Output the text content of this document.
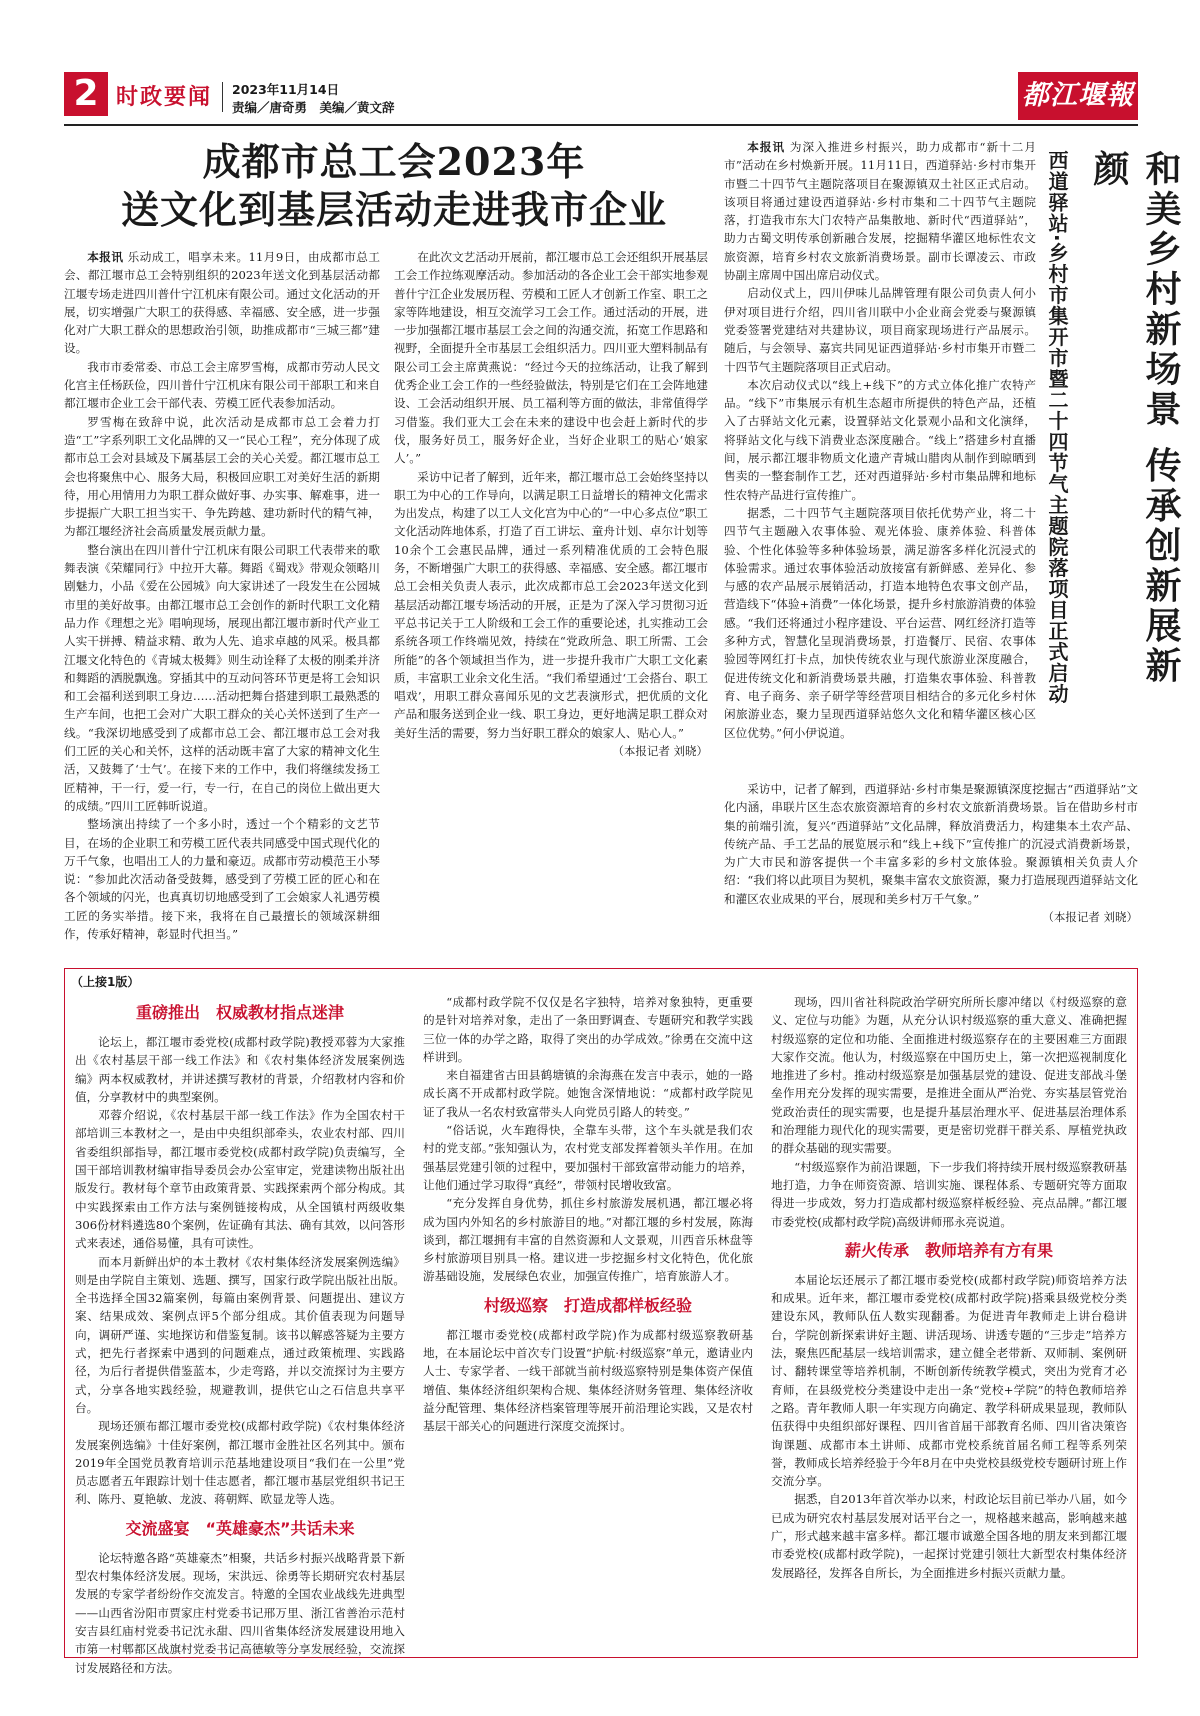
2 时政要闻 2023年11月14日
责编／唐奇勇　美编／黄文辞	都江堰報
成都市总工会2023年
送文化到基层活动走进我市企业

本报讯 乐动成工，唱享未来。11月9日，由成都市总工会、都江堰市总工会特别组织的2023年送文化到基层活动都江堰专场走进四川普什宁江机床有限公司。通过文化活动的开展，切实增强广大职工的获得感、幸福感、安全感，进一步强化对广大职工群众的思想政治引领，助推成都市“三城三都”建设。

我市市委常委、市总工会主席罗雪梅，成都市劳动人民文化宫主任杨跃俭，四川普什宁江机床有限公司干部职工和来自都江堰市企业工会干部代表、劳模工匠代表参加活动。

罗雪梅在致辞中说，此次活动是成都市总工会着力打造“工”字系列职工文化品牌的又一“民心工程”，充分体现了成都市总工会对县域及下属基层工会的关心关爱。都江堰市总工会也将聚焦中心、服务大局，积极回应职工对美好生活的新期待，用心用情用力为职工群众做好事、办实事、解难事，进一步提振广大职工担当实干、争先跨越、建功新时代的精气神，为都江堰经济社会高质量发展贡献力量。

整台演出在四川普什宁江机床有限公司职工代表带来的歌舞表演《荣耀同行》中拉开大幕。舞蹈《蜀戏》带观众领略川剧魅力，小品《爱在公园城》向大家讲述了一段发生在公园城市里的美好故事。由都江堰市总工会创作的新时代职工文化精品力作《理想之光》唱响现场，展现出都江堰市新时代产业工人实干拼搏、精益求精、敢为人先、追求卓越的风采。极具都江堰文化特色的《青城太极舞》则生动诠释了太极的刚柔并济和舞蹈的洒脱飘逸。穿插其中的互动问答环节更是将工会知识和工会福利送到职工身边……活动把舞台搭建到职工最熟悉的生产车间，也把工会对广大职工群众的关心关怀送到了生产一线。“我深切地感受到了成都市总工会、都江堰市总工会对我们工匠的关心和关怀，这样的活动既丰富了大家的精神文化生活，又鼓舞了‘士气’。在接下来的工作中，我们将继续发扬工匠精神，干一行，爱一行，专一行，在自己的岗位上做出更大的成绩。”四川工匠韩昕说道。

整场演出持续了一个多小时，透过一个个精彩的文艺节目，在场的企业职工和劳模工匠代表共同感受中国式现代化的万千气象，也唱出工人的力量和豪迈。成都市劳动模范王小琴说：“参加此次活动备受鼓舞，感受到了劳模工匠的匠心和在各个领域的闪光，也真真切切地感受到了工会娘家人礼遇劳模工匠的务实举措。接下来，我将在自己最擅长的领域深耕细作，传承好精神，彰显时代担当。”

在此次文艺活动开展前，都江堰市总工会还组织开展基层工会工作拉练观摩活动。参加活动的各企业工会干部实地参观普什宁江企业发展历程、劳模和工匠人才创新工作室、职工之家等阵地建设，相互交流学习工会工作。通过活动的开展，进一步加强都江堰市基层工会之间的沟通交流，拓宽工作思路和视野，全面提升全市基层工会组织活力。四川亚大塑料制品有限公司工会主席黄燕说：“经过今天的拉练活动，让我了解到优秀企业工会工作的一些经验做法，特别是它们在工会阵地建设、工会活动组织开展、员工福利等方面的做法，非常值得学习借鉴。我们亚大工会在未来的建设中也会赶上新时代的步伐，服务好员工，服务好企业，当好企业职工的贴心‘娘家人’。”

采访中记者了解到，近年来，都江堰市总工会始终坚持以职工为中心的工作导向，以满足职工日益增长的精神文化需求为出发点，构建了以工人文化宫为中心的“一中心多点位”职工文化活动阵地体系，打造了百工讲坛、童舟计划、卓尔计划等10余个工会惠民品牌，通过一系列精准优质的工会特色服务，不断增强广大职工的获得感、幸福感、安全感。都江堰市总工会相关负责人表示，此次成都市总工会2023年送文化到基层活动都江堰专场活动的开展，正是为了深入学习贯彻习近平总书记关于工人阶级和工会工作的重要论述，扎实推动工会系统各项工作终端见效，持续在“党政所急、职工所需、工会所能”的各个领域担当作为，进一步提升我市广大职工文化素质，丰富职工业余文化生活。“我们希望通过‘工会搭台、职工唱戏’，用职工群众喜闻乐见的文艺表演形式，把优质的文化产品和服务送到企业一线、职工身边，更好地满足职工群众对美好生活的需要，努力当好职工群众的娘家人、贴心人。”

（本报记者 刘晓）

和美乡村新场景 传承创新展新颜
西道驿站·乡村市集开市暨二十四节气主题院落项目正式启动

本报讯 为深入推进乡村振兴，助力成都市“新十二月市”活动在乡村焕新开展。11月11日，西道驿站·乡村市集开市暨二十四节气主题院落项目在聚源镇双土社区正式启动。该项目将通过建设西道驿站·乡村市集和二十四节气主题院落，打造我市东大门农特产品集散地、新时代“西道驿站”，助力古蜀文明传承创新融合发展，挖掘精华灌区地标性农文旅资源，培育乡村农文旅新消费场景。副市长谭凌云、市政协副主席周中国出席启动仪式。

启动仪式上，四川伊味儿品牌管理有限公司负责人何小伊对项目进行介绍，四川省川联中小企业商会党委与聚源镇党委签署党建结对共建协议，项目商家现场进行产品展示。随后，与会领导、嘉宾共同见证西道驿站·乡村市集开市暨二十四节气主题院落项目正式启动。

本次启动仪式以“线上+线下”的方式立体化推广农特产品。“线下”市集展示有机生态超市所提供的特色产品，还植入了古驿站文化元素，设置驿站文化景观小品和文化演绎，将驿站文化与线下消费业态深度融合。“线上”搭建乡村直播间，展示都江堰非物质文化遗产青城山腊肉从制作到晾晒到售卖的一整套制作工艺，还对西道驿站·乡村市集品牌和地标性农特产品进行宣传推广。

据悉，二十四节气主题院落项目依托优势产业，将二十四节气主题融入农事体验、观光体验、康养体验、科普体验、个性化体验等多种体验场景，满足游客多样化沉浸式的体验需求。通过农事体验活动放接富有新鲜感、差异化、参与感的农产品展示展销活动，打造本地特色农事文创产品，营造线下“体验+消费”一体化场景，提升乡村旅游消费的体验感。“我们还将通过小程序建设、平台运营、网红经济打造等多种方式，智慧化呈现消费场景，打造餐厅、民宿、农事体验园等网红打卡点，加快传统农业与现代旅游业深度融合，促进传统文化和新消费场景共融，打造集农事体验、科普教育、电子商务、亲子研学等经营项目相结合的多元化乡村休闲旅游业态，聚力呈现西道驿站悠久文化和精华灌区核心区区位优势。”何小伊说道。

采访中，记者了解到，西道驿站·乡村市集是聚源镇深度挖掘古“西道驿站”文化内涵，串联片区生态农旅资源培育的乡村农文旅新消费场景。旨在借助乡村市集的前端引流，复兴“西道驿站”文化品牌，释放消费活力，构建集本土农产品、传统产品、手工艺品的展览展示和“线上+线下”宣传推广的沉浸式消费新场景，为广大市民和游客提供一个丰富多彩的乡村文旅体验。聚源镇相关负责人介绍：“我们将以此项目为契机，聚集丰富农文旅资源，聚力打造展现西道驿站文化和灌区农业成果的平台，展现和美乡村万千气象。”

（本报记者 刘晓）

（上接1版）
重磅推出　权威教材指点迷津

论坛上，都江堰市委党校(成都村政学院)教授邓蓉为大家推出《农村基层干部一线工作法》和《农村集体经济发展案例选编》两本权威教材，并讲述撰写教材的背景，介绍教材内容和价值，分享教材中的典型案例。

邓蓉介绍说，《农村基层干部一线工作法》作为全国农村干部培训三本教材之一，是由中央组织部牵头，农业农村部、四川省委组织部指导，都江堰市委党校(成都村政学院)负责编写，全国干部培训教材编审指导委员会办公室审定，党建读物出版社出版发行。教材每个章节由政策背景、实践探索两个部分构成。其中实践探索由工作方法与案例链接构成，从全国镇村两级收集306份材料遴选80个案例，佐证确有其法、确有其效，以问答形式来表述，通俗易懂，具有可读性。

而本月新鲜出炉的本土教材《农村集体经济发展案例选编》则是由学院自主策划、选题、撰写，国家行政学院出版社出版。全书选择全国32篇案例，每篇由案例背景、问题提出、建议方案、结果成效、案例点评5个部分组成。其价值表现为问题导向，调研严谨、实地探访和借鉴复制。该书以解惑答疑为主要方式，把先行者探索中遇到的问题难点，通过政策梳理、实践路径，为后行者提供借鉴蓝本，少走弯路，并以交流探讨为主要方式，分享各地实践经验，规避教训，提供它山之石信息共享平台。

现场还颁布都江堰市委党校(成都村政学院)《农村集体经济发展案例选编》十佳好案例，都江堰市金胜社区名列其中。颁布2019年全国党员教育培训示范基地建设项目“我们在一公里”党员志愿者五年跟踪计划十佳志愿者，都江堰市基层党组织书记王利、陈丹、夏艳敏、龙波、蒋朝辉、欧显龙等人选。

交流盛宴　“英雄豪杰”共话未来

论坛特邀各路“英雄豪杰”相聚，共话乡村振兴战略背景下新型农村集体经济发展。现场，宋洪远、徐勇等长期研究农村基层发展的专家学者纷纷作交流发言。特邀的全国农业战线先进典型——山西省汾阳市贾家庄村党委书记邢万里、浙江省善治示范村安吉县红庙村党委书记沈永甜、四川省集体经济发展建设用地入市第一村郫都区战旗村党委书记高德敏等分享发展经验，交流探讨发展路径和方法。

“成都村政学院不仅仅是名字独特，培养对象独特，更重要的是针对培养对象，走出了一条田野调查、专题研究和教学实践三位一体的办学之路，取得了突出的办学成效。”徐勇在交流中这样讲到。

来自福建省古田县鹤塘镇的余海燕在发言中表示，她的一路成长离不开成都村政学院。她饱含深情地说：“成都村政学院见证了我从一名农村致富带头人向党员引路人的转变。”

“俗话说，火车跑得快，全靠车头带，这个车头就是我们农村的党支部。”张知强认为，农村党支部发挥着领头羊作用。在加强基层党建引领的过程中，要加强村干部致富带动能力的培养，让他们通过学习取得“真经”，带领村民增收致富。

“充分发挥自身优势，抓住乡村旅游发展机遇，都江堰必将成为国内外知名的乡村旅游目的地。”对都江堰的乡村发展，陈海谈到，都江堰拥有丰富的自然资源和人文景观，川西音乐林盘等乡村旅游项目别具一格。建议进一步挖掘乡村文化特色，优化旅游基础设施，发展绿色农业，加强宣传推广，培育旅游人才。

村级巡察　打造成都样板经验

都江堰市委党校(成都村政学院)作为成都村级巡察教研基地，在本届论坛中首次专门设置“护航·村级巡察”单元，邀请业内人士、专家学者、一线干部就当前村级巡察特别是集体资产保值增值、集体经济组织架构合规、集体经济财务管理、集体经济收益分配管理、集体经济档案管理等展开前沿理论实践，又是农村基层干部关心的问题进行深度交流探讨。

现场，四川省社科院政治学研究所所长廖冲绪以《村级巡察的意义、定位与功能》为题，从充分认识村级巡察的重大意义、准确把握村级巡察的定位和功能、全面推进村级巡察存在的主要困难三方面跟大家作交流。他认为，村级巡察在中国历史上，第一次把巡视制度化地推进了乡村。推动村级巡察是加强基层党的建设、促进支部战斗堡垒作用充分发挥的现实需要，是推进全面从严治党、夯实基层管党治党政治责任的现实需要，也是提升基层治理水平、促进基层治理体系和治理能力现代化的现实需要，更是密切党群干群关系、厚植党执政的群众基础的现实需要。

“村级巡察作为前沿课题，下一步我们将持续开展村级巡察教研基地打造，力争在师资资源、培训实施、课程体系、专题研究等方面取得进一步成效，努力打造成都村级巡察样板经验、亮点品牌。”都江堰市委党校(成都村政学院)高级讲师邢永亮说道。

薪火传承　教师培养有方有果

本届论坛还展示了都江堰市委党校(成都村政学院)师资培养方法和成果。近年来，都江堰市委党校(成都村政学院)搭乘县级党校分类建设东风，教师队伍人数实现翻番。为促进青年教师走上讲台稳讲台，学院创新探索讲好主题、讲活现场、讲透专题的“三步走”培养方法，聚焦匹配基层一线培训需求，建立健全老带新、双师制、案例研讨、翻转课堂等培养机制，不断创新传统教学模式，突出为党育才必育师，在县级党校分类建设中走出一条“党校+学院”的特色教师培养之路。青年教师人职一年实现方向确定、教学科研成果显现，教师队伍获得中央组织部好课程、四川省首届干部教育名师、四川省决策咨询课题、成都市本土讲师、成都市党校系统首届名师工程等系列荣誉，教师成长培养经验于今年8月在中央党校县级党校专题研讨班上作交流分享。

据悉，自2013年首次举办以来，村政论坛目前已举办八届，如今已成为研究农村基层发展对话平台之一，规格越来越高，影响越来越广，形式越来越丰富多样。都江堰市诚邀全国各地的朋友来到都江堰市委党校(成都村政学院)，一起探讨党建引领壮大新型农村集体经济发展路径，发挥各自所长，为全面推进乡村振兴贡献力量。
